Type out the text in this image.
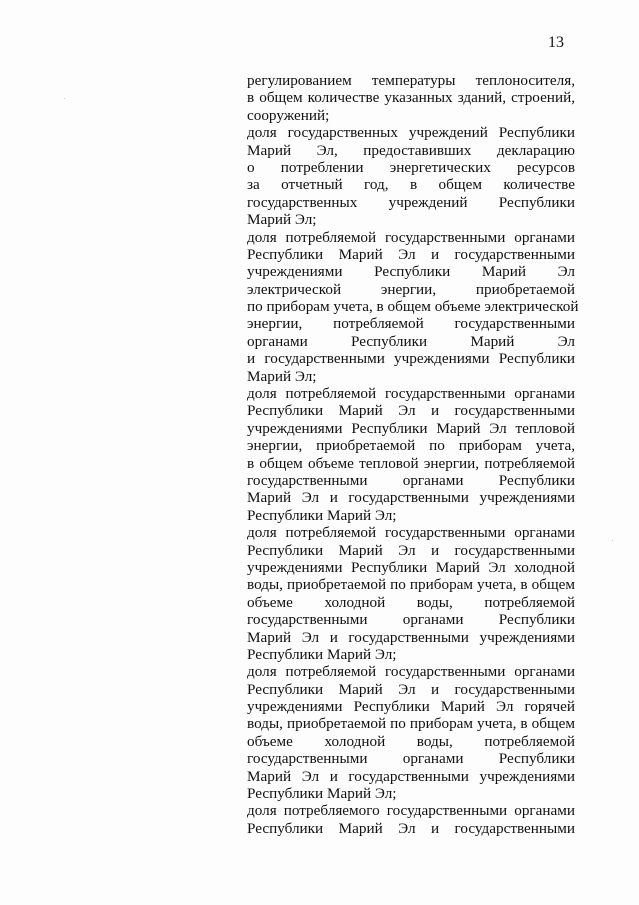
13
регулированием температуры теплоносителя,
в общем количестве указанных зданий, строений,
сооружений;
доля государственных учреждений Республики
Марий Эл, предоставивших декларацию
о потреблении энергетических ресурсов
за отчетный год, в общем количестве
государственных учреждений Республики
Марий Эл;
доля потребляемой государственными органами
Республики Марий Эл и государственными
учреждениями Республики Марий Эл
электрической энергии, приобретаемой
по приборам учета, в общем объеме электрической
энергии, потребляемой государственными
органами Республики Марий Эл
и государственными учреждениями Республики
Марий Эл;
доля потребляемой государственными органами
Республики Марий Эл и государственными
учреждениями Республики Марий Эл тепловой
энергии, приобретаемой по приборам учета,
в общем объеме тепловой энергии, потребляемой
государственными органами Республики
Марий Эл и государственными учреждениями
Республики Марий Эл;
доля потребляемой государственными органами
Республики Марий Эл и государственными
учреждениями Республики Марий Эл холодной
воды, приобретаемой по приборам учета, в общем
объеме холодной воды, потребляемой
государственными органами Республики
Марий Эл и государственными учреждениями
Республики Марий Эл;
доля потребляемой государственными органами
Республики Марий Эл и государственными
учреждениями Республики Марий Эл горячей
воды, приобретаемой по приборам учета, в общем
объеме холодной воды, потребляемой
государственными органами Республики
Марий Эл и государственными учреждениями
Республики Марий Эл;
доля потребляемого государственными органами
Республики Марий Эл и государственными
